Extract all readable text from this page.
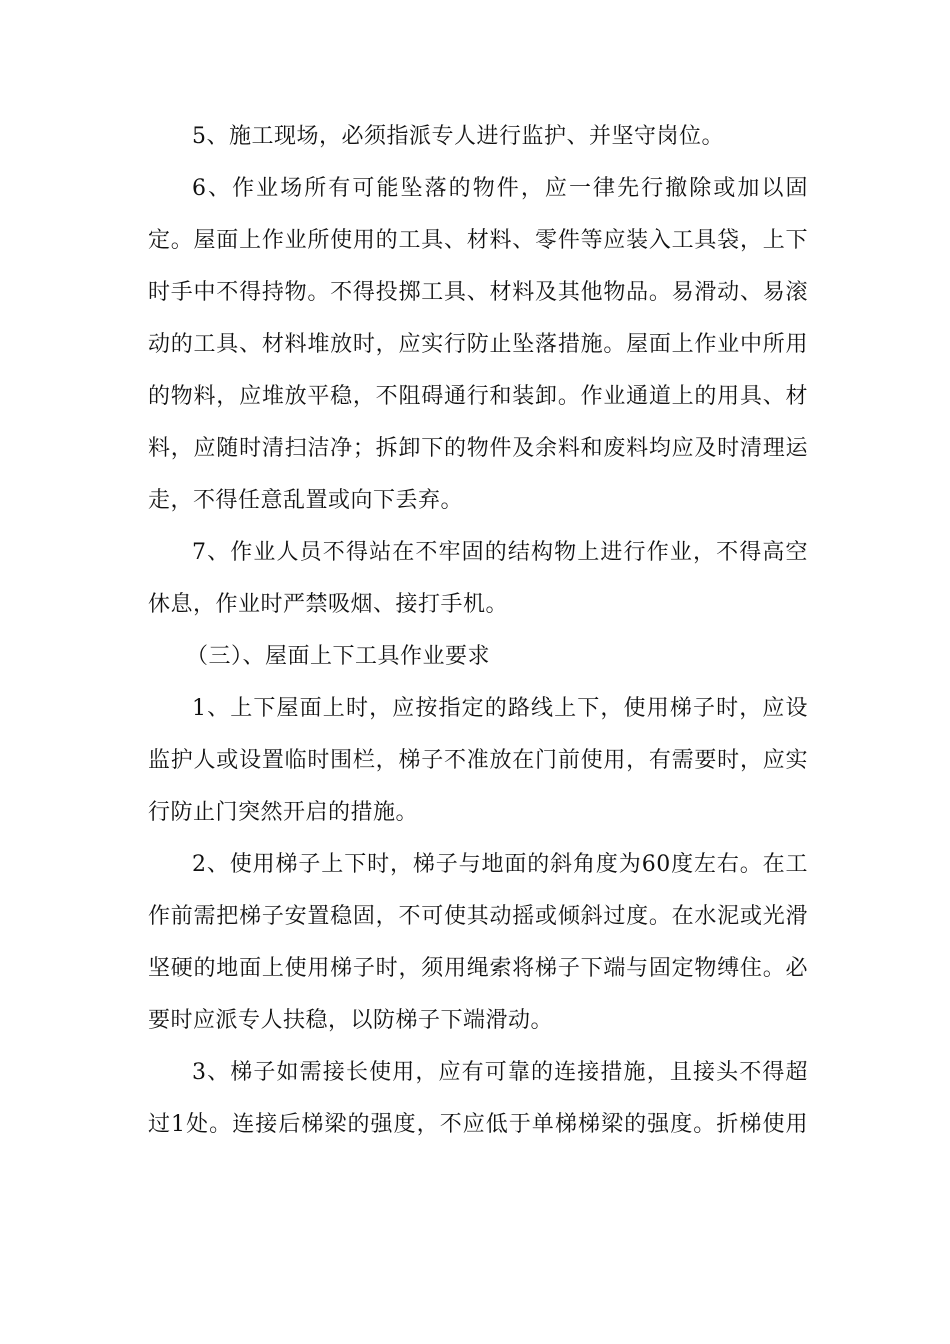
5、施工现场，必须指派专人进行监护、并坚守岗位。
6、作业场所有可能坠落的物件，应一律先行撤除或加以固
定。屋面上作业所使用的工具、材料、零件等应装入工具袋，上下
时手中不得持物。不得投掷工具、材料及其他物品。易滑动、易滚
动的工具、材料堆放时，应实行防止坠落措施。屋面上作业中所用
的物料，应堆放平稳，不阻碍通行和装卸。作业通道上的用具、材
料，应随时清扫洁净；拆卸下的物件及余料和废料均应及时清理运
走，不得任意乱置或向下丢弃。
7、作业人员不得站在不牢固的结构物上进行作业，不得高空
休息，作业时严禁吸烟、接打手机。
（三）、屋面上下工具作业要求
1、上下屋面上时，应按指定的路线上下，使用梯子时，应设
监护人或设置临时围栏，梯子不准放在门前使用，有需要时，应实
行防止门突然开启的措施。
2、使用梯子上下时，梯子与地面的斜角度为60度左右。在工
作前需把梯子安置稳固，不可使其动摇或倾斜过度。在水泥或光滑
坚硬的地面上使用梯子时，须用绳索将梯子下端与固定物缚住。必
要时应派专人扶稳，以防梯子下端滑动。
3、梯子如需接长使用，应有可靠的连接措施，且接头不得超
过1处。连接后梯梁的强度，不应低于单梯梯梁的强度。折梯使用
